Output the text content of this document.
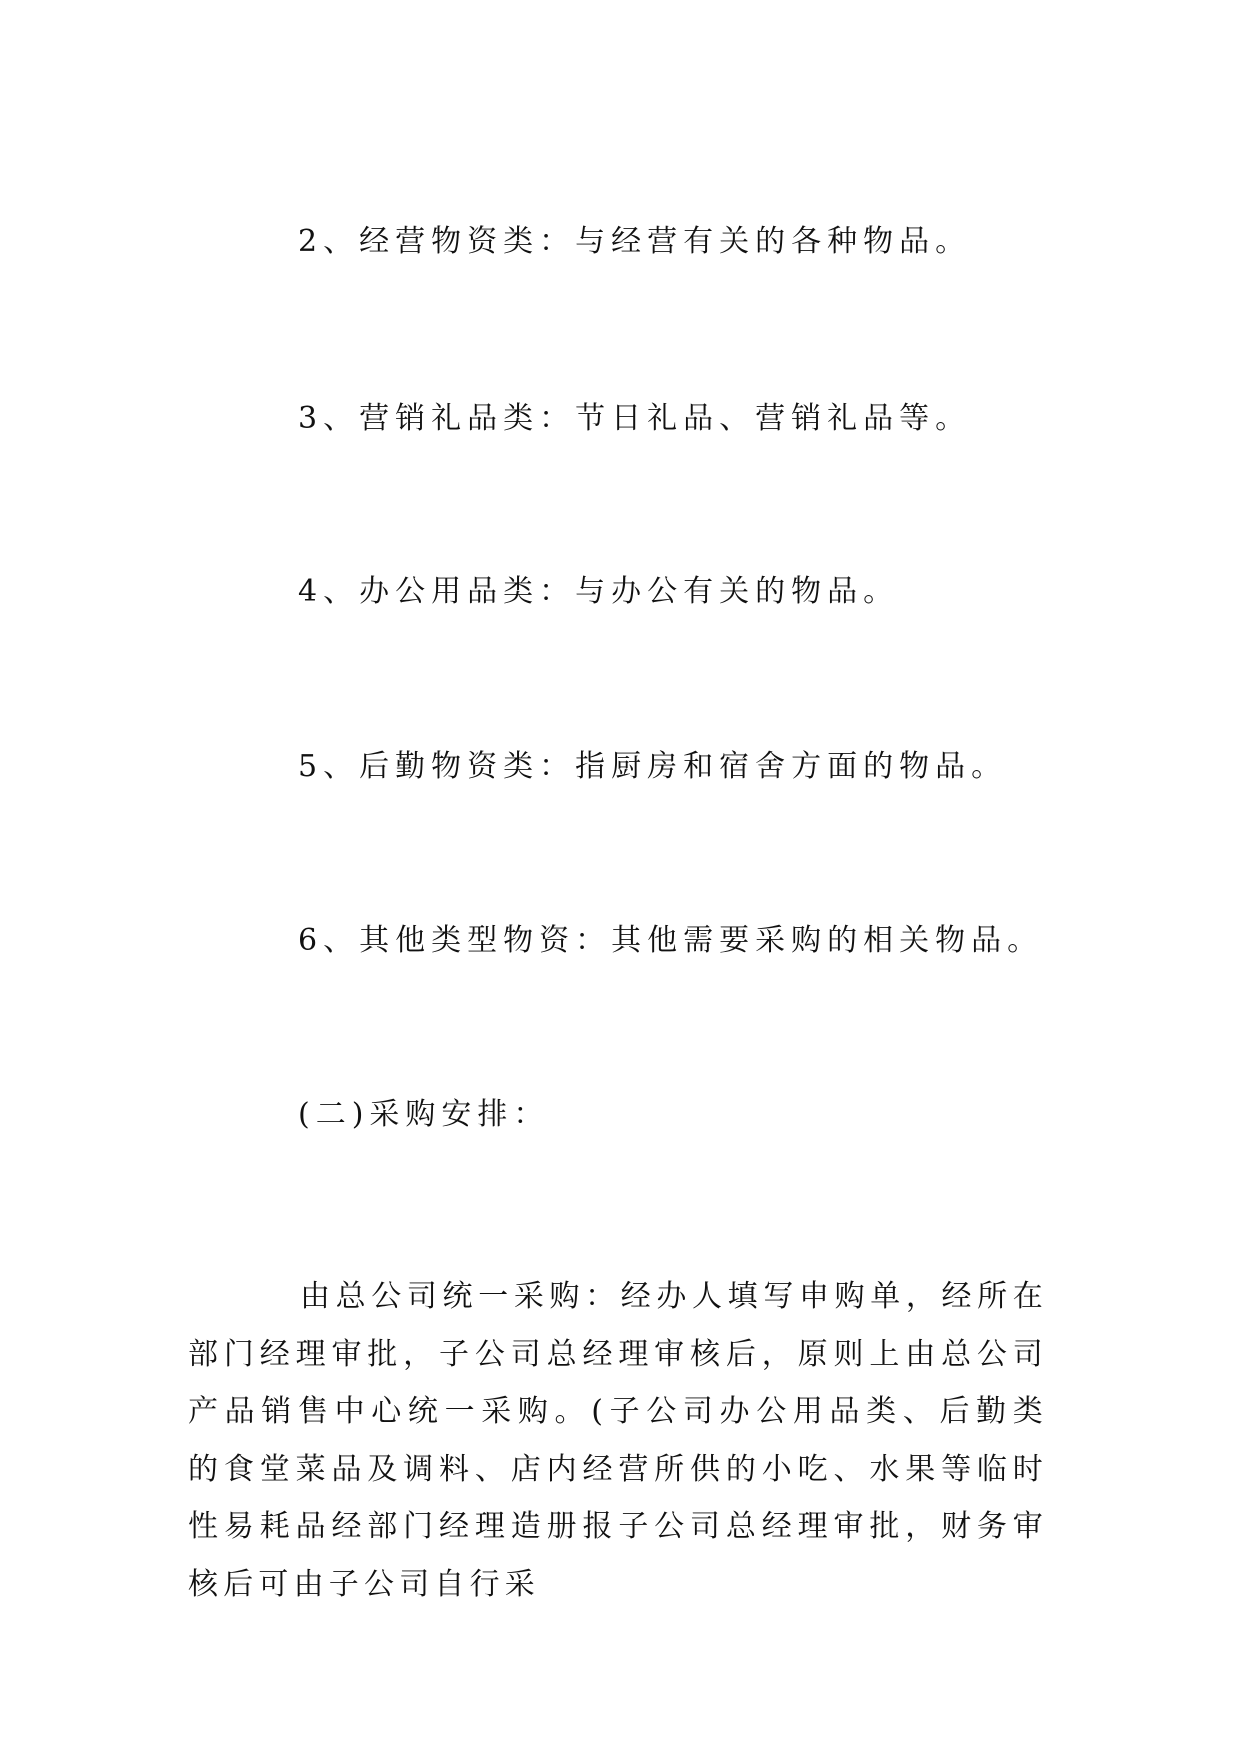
2、经营物资类：与经营有关的各种物品。
3、营销礼品类：节日礼品、营销礼品等。
4、办公用品类：与办公有关的物品。
5、后勤物资类：指厨房和宿舍方面的物品。
6、其他类型物资：其他需要采购的相关物品。
(二)采购安排：
由总公司统一采购：经办人填写申购单，经所在部门经理审批，子公司总经理审核后，原则上由总公司产品销售中心统一采购。(子公司办公用品类、后勤类的食堂菜品及调料、店内经营所供的小吃、水果等临时性易耗品经部门经理造册报子公司总经理审批，财务审核后可由子公司自行采
